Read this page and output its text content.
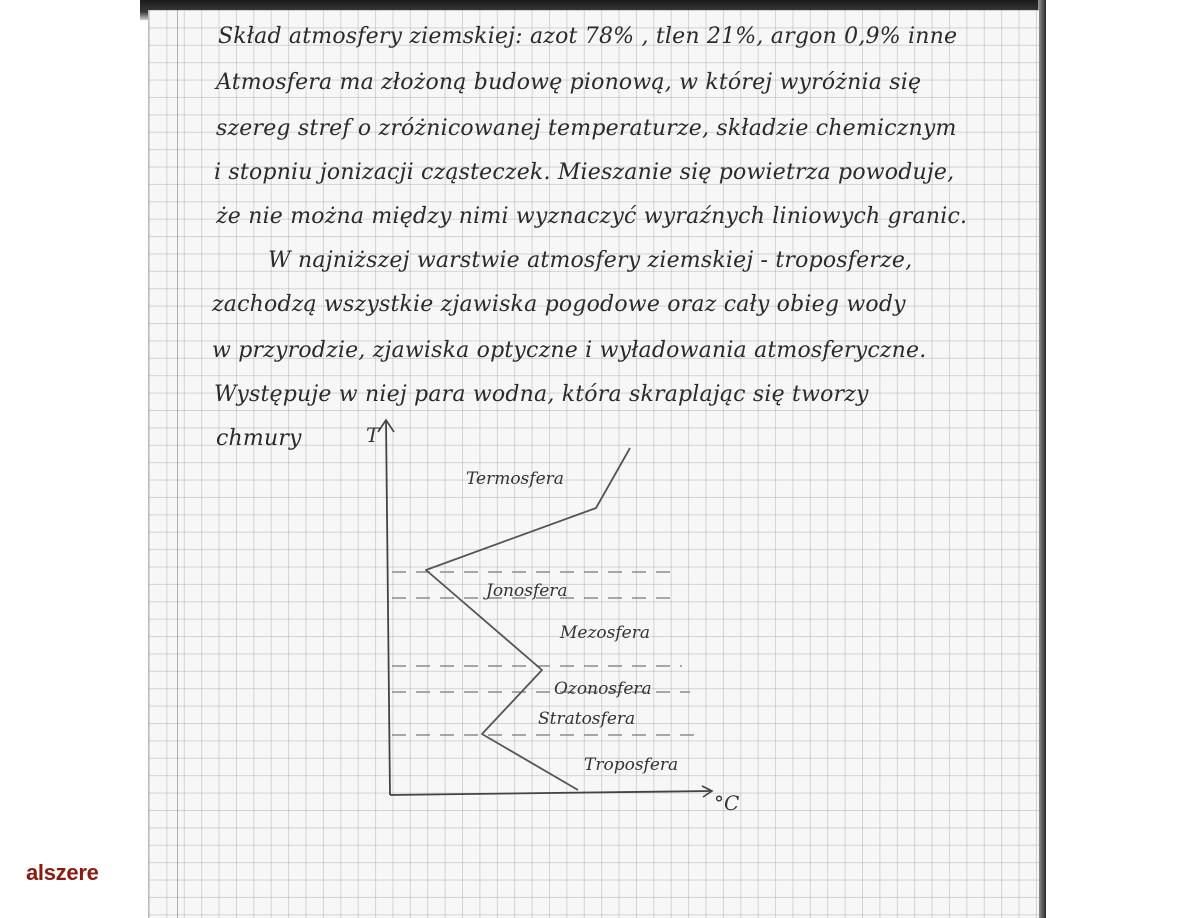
Skład atmosfery ziemskiej: azot 78% , tlen 21%, argon 0,9% inne
Atmosfera ma złożoną budowę pionową, w której wyróżnia się
szereg stref o zróżnicowanej temperaturze, składzie chemicznym
i stopniu jonizacji cząsteczek. Mieszanie się powietrza powoduje,
że nie można między nimi wyznaczyć wyraźnych liniowych granic.
W najniższej warstwie atmosfery ziemskiej - troposferze,
zachodzą wszystkie zjawiska pogodowe oraz cały obieg wody
w przyrodzie, zjawiska optyczne i wyładowania atmosferyczne.
Występuje w niej para wodna, która skraplając się tworzy
chmury	T
°C
Termosfera
Jonosfera
Mezosfera
Ozonosfera
Stratosfera
Troposfera
alszere
